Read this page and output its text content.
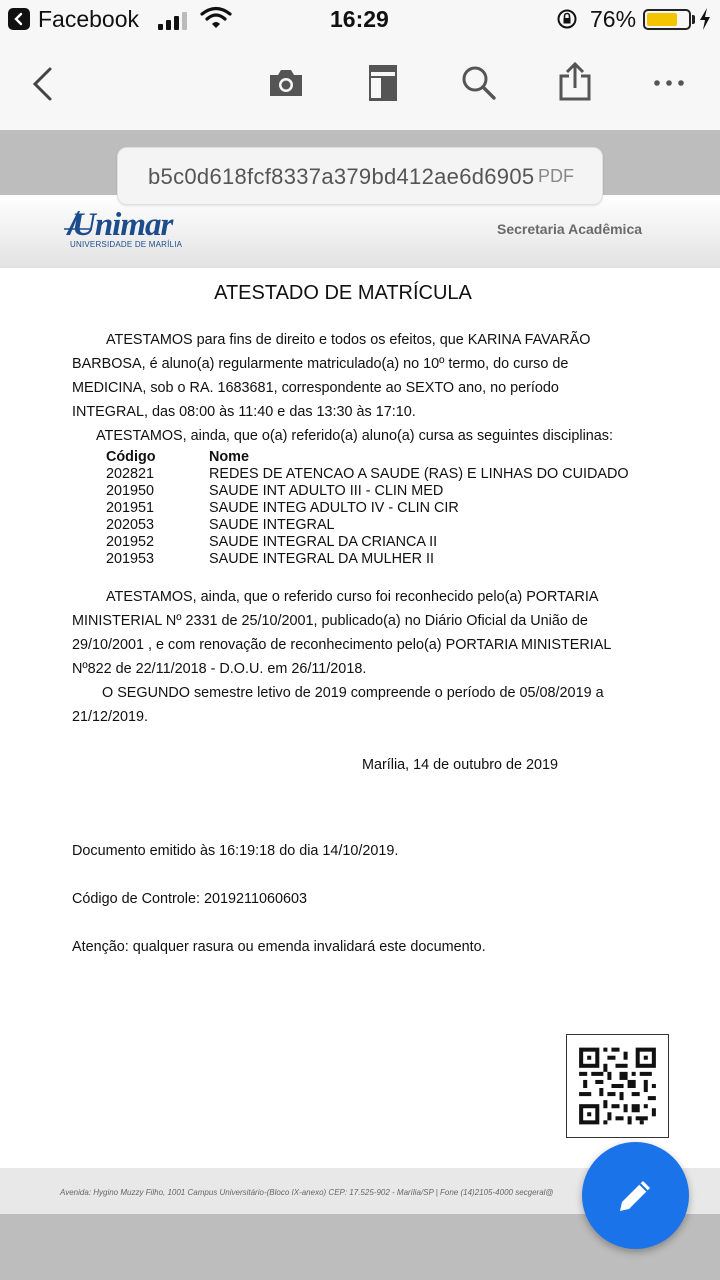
Facebook	16:29	76%
Unimar
UNIVERSIDADE DE MARÍLIA
Secretaria Acadêmica
ATESTADO DE MATRÍCULA
ATESTAMOS para fins de direito e todos os efeitos, que KARINA FAVARÃO
BARBOSA, é aluno(a) regularmente matriculado(a) no 10º termo, do curso de
MEDICINA, sob o RA. 1683681, correspondente ao SEXTO ano, no período
INTEGRAL, das 08:00 às 11:40 e das 13:30 às 17:10.
ATESTAMOS, ainda, que o(a) referido(a) aluno(a) cursa as seguintes disciplinas:
Código	Nome
202821	REDES DE ATENCAO A SAUDE (RAS) E LINHAS DO CUIDADO
201950	SAUDE INT ADULTO III - CLIN MED
201951	SAUDE INTEG ADULTO IV - CLIN CIR
202053	SAUDE INTEGRAL
201952	SAUDE INTEGRAL DA CRIANCA II
201953	SAUDE INTEGRAL DA MULHER II
ATESTAMOS, ainda, que o referido curso foi reconhecido pelo(a) PORTARIA
MINISTERIAL Nº 2331 de 25/10/2001, publicado(a) no Diário Oficial da União de
29/10/2001 , e com renovação de reconhecimento pelo(a) PORTARIA MINISTERIAL
Nº822 de 22/11/2018 - D.O.U. em 26/11/2018.
O SEGUNDO semestre letivo de 2019 compreende o período de 05/08/2019 a
21/12/2019.
Marília, 14 de outubro de 2019
Documento emitido às 16:19:18 do dia 14/10/2019.
Código de Controle: 2019211060603
Atenção: qualquer rasura ou emenda invalidará este documento.
Avenida: Hygino Muzzy Filho, 1001 Campus Universitário-(Bloco IX-anexo) CEP: 17.525-902 - Marília/SP | Fone (14)2105-4000 secgeral@
b5c0d618fcf8337a379bd412ae6d6905 PDF
